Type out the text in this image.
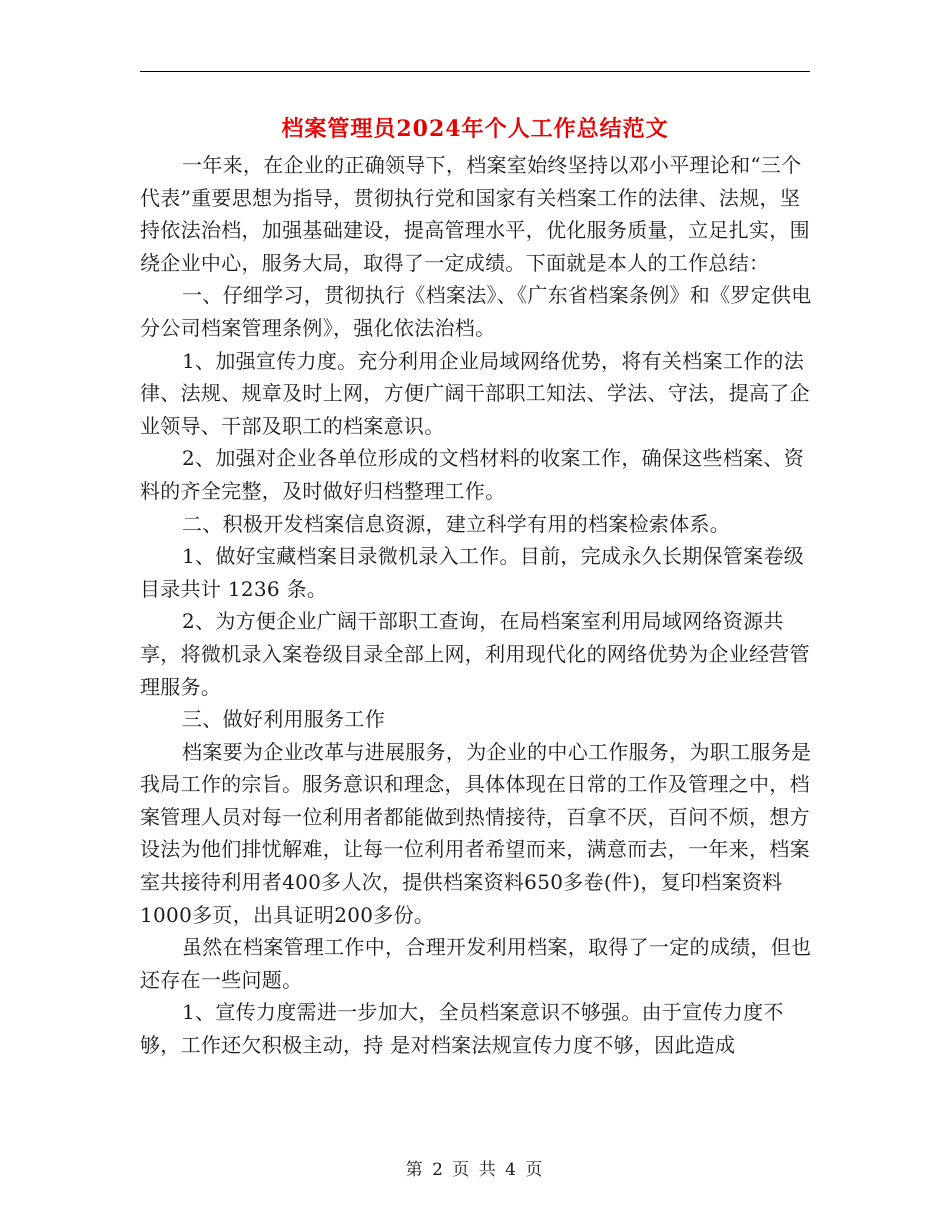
档案管理员2024年个人工作总结范文

一年来，在企业的正确领导下，档案室始终坚持以邓小平理论和“三个代表”重要思想为指导，贯彻执行党和国家有关档案工作的法律、法规，坚持依法治档，加强基础建设，提高管理水平，优化服务质量，立足扎实，围绕企业中心，服务大局，取得了一定成绩。下面就是本人的工作总结：

一、仔细学习，贯彻执行《档案法》、《广东省档案条例》和《罗定供电分公司档案管理条例》，强化依法治档。

1、加强宣传力度。充分利用企业局域网络优势，将有关档案工作的法律、法规、规章及时上网，方便广阔干部职工知法、学法、守法，提高了企业领导、干部及职工的档案意识。

2、加强对企业各单位形成的文档材料的收案工作，确保这些档案、资料的齐全完整，及时做好归档整理工作。

二、积极开发档案信息资源，建立科学有用的档案检索体系。

1、做好宝藏档案目录微机录入工作。目前，完成永久长期保管案卷级目录共计 1236 条。

2、为方便企业广阔干部职工查询，在局档案室利用局域网络资源共享，将微机录入案卷级目录全部上网，利用现代化的网络优势为企业经营管理服务。

三、做好利用服务工作

档案要为企业改革与进展服务，为企业的中心工作服务，为职工服务是我局工作的宗旨。服务意识和理念，具体体现在日常的工作及管理之中，档案管理人员对每一位利用者都能做到热情接待，百拿不厌，百问不烦，想方设法为他们排忧解难，让每一位利用者希望而来，满意而去，一年来，档案室共接待利用者400多人次，提供档案资料650多卷(件)，复印档案资料1000多页，出具证明200多份。

虽然在档案管理工作中，合理开发利用档案，取得了一定的成绩，但也还存在一些问题。

1、宣传力度需进一步加大，全员档案意识不够强。由于宣传力度不够，工作还欠积极主动，持 是对档案法规宣传力度不够，因此造成

第 2 页 共 4 页
